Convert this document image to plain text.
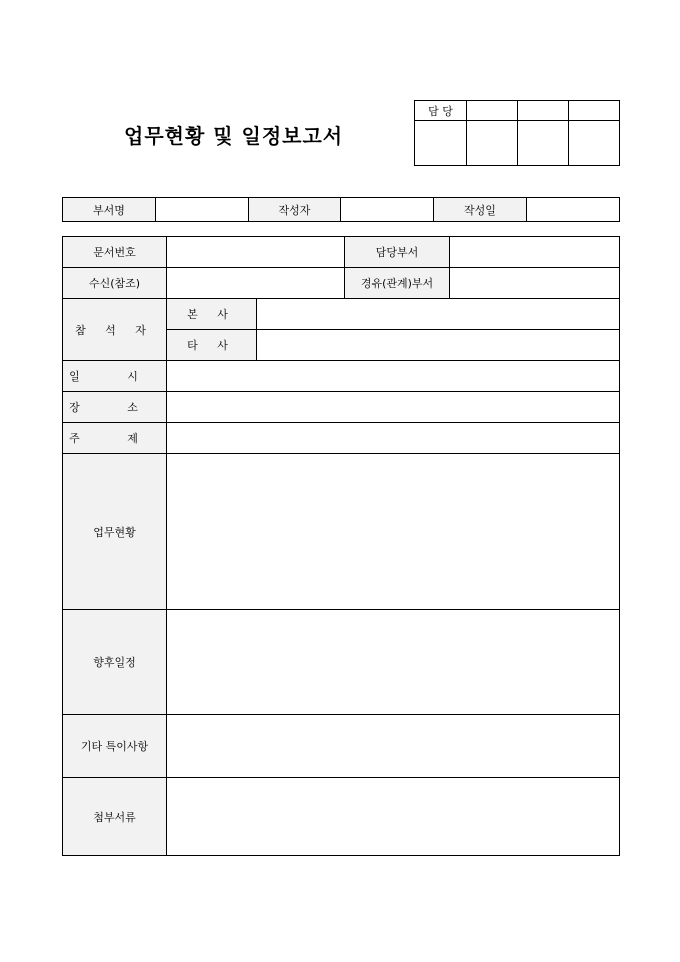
업무현황 및 일정보고서
담 당			

부서명		작성자		작성일	
문서번호			담당부서	
수신(참조)			경유(관계)부서	
참 석 자	본 사			
	타 사			
일 시				
장 소				
주 제				
업무현황				
향후일정				
기타 특이사항				
첨부서류				
